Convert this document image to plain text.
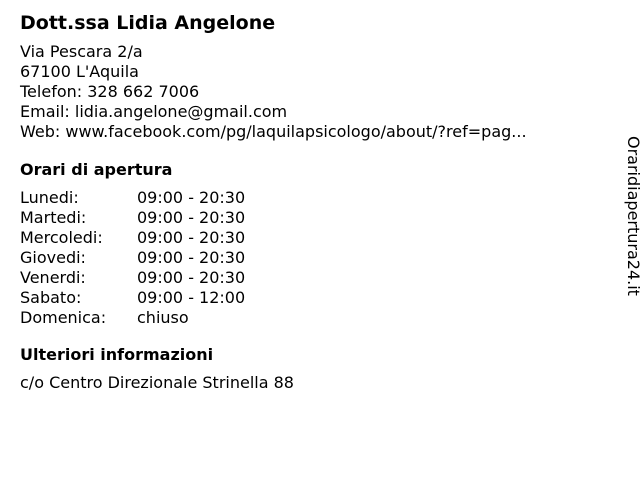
Dott.ssa Lidia Angelone
Via Pescara 2/a
67100 L'Aquila
Telefon: 328 662 7006
Email: lidia.angelone@gmail.com
Web: www.facebook.com/pg/laquilapsicologo/about/?ref=pag...
Orari di apertura
Lunedi:	09:00 - 20:30
Martedi:	09:00 - 20:30
Mercoledi:	09:00 - 20:30
Giovedi:	09:00 - 20:30
Venerdi:	09:00 - 20:30
Sabato:	09:00 - 12:00
Domenica:	chiuso
Ulteriori informazioni
c/o Centro Direzionale Strinella 88
Oraridiapertura24.it
